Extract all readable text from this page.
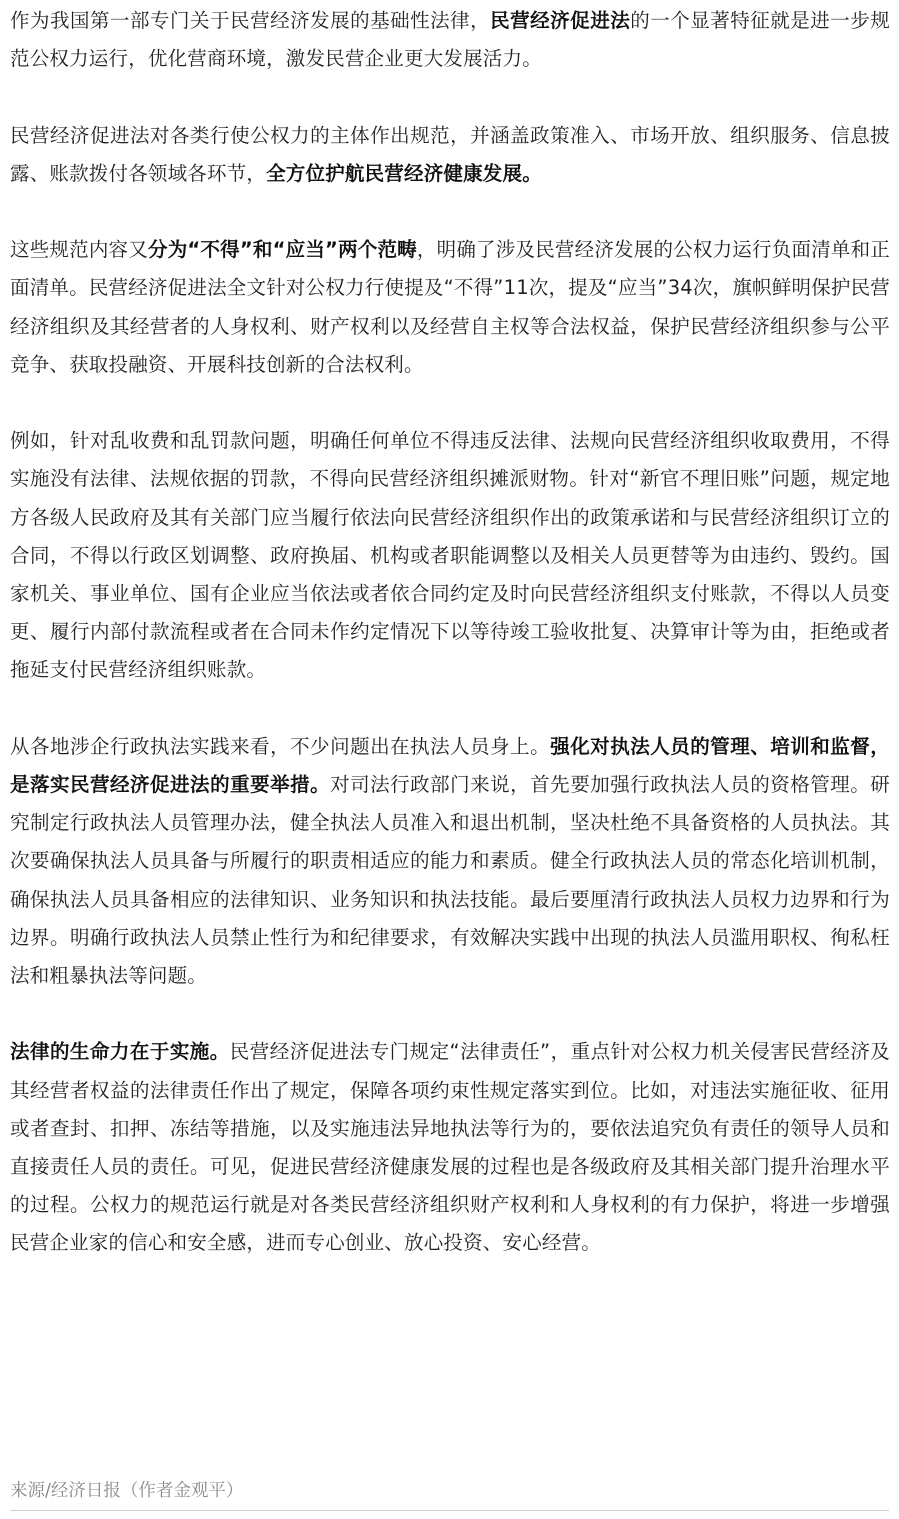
作为我国第一部专门关于民营经济发展的基础性法律，民营经济促进法的一个显著特征就是进一步规范公权力运行，优化营商环境，激发民营企业更大发展活力。

民营经济促进法对各类行使公权力的主体作出规范，并涵盖政策准入、市场开放、组织服务、信息披露、账款拨付各领域各环节，全方位护航民营经济健康发展。

这些规范内容又分为“不得”和“应当”两个范畴，明确了涉及民营经济发展的公权力运行负面清单和正面清单。民营经济促进法全文针对公权力行使提及“不得”11次，提及“应当”34次，旗帜鲜明保护民营经济组织及其经营者的人身权利、财产权利以及经营自主权等合法权益，保护民营经济组织参与公平竞争、获取投融资、开展科技创新的合法权利。

例如，针对乱收费和乱罚款问题，明确任何单位不得违反法律、法规向民营经济组织收取费用，不得实施没有法律、法规依据的罚款，不得向民营经济组织摊派财物。针对“新官不理旧账”问题，规定地方各级人民政府及其有关部门应当履行依法向民营经济组织作出的政策承诺和与民营经济组织订立的合同，不得以行政区划调整、政府换届、机构或者职能调整以及相关人员更替等为由违约、毁约。国家机关、事业单位、国有企业应当依法或者依合同约定及时向民营经济组织支付账款，不得以人员变更、履行内部付款流程或者在合同未作约定情况下以等待竣工验收批复、决算审计等为由，拒绝或者拖延支付民营经济组织账款。

从各地涉企行政执法实践来看，不少问题出在执法人员身上。强化对执法人员的管理、培训和监督，是落实民营经济促进法的重要举措。对司法行政部门来说，首先要加强行政执法人员的资格管理。研究制定行政执法人员管理办法，健全执法人员准入和退出机制，坚决杜绝不具备资格的人员执法。其次要确保执法人员具备与所履行的职责相适应的能力和素质。健全行政执法人员的常态化培训机制，确保执法人员具备相应的法律知识、业务知识和执法技能。最后要厘清行政执法人员权力边界和行为边界。明确行政执法人员禁止性行为和纪律要求，有效解决实践中出现的执法人员滥用职权、徇私枉法和粗暴执法等问题。

法律的生命力在于实施。民营经济促进法专门规定“法律责任”，重点针对公权力机关侵害民营经济及其经营者权益的法律责任作出了规定，保障各项约束性规定落实到位。比如，对违法实施征收、征用或者查封、扣押、冻结等措施，以及实施违法异地执法等行为的，要依法追究负有责任的领导人员和直接责任人员的责任。可见，促进民营经济健康发展的过程也是各级政府及其相关部门提升治理水平的过程。公权力的规范运行就是对各类民营经济组织财产权利和人身权利的有力保护，将进一步增强民营企业家的信心和安全感，进而专心创业、放心投资、安心经营。

来源/经济日报（作者金观平）
